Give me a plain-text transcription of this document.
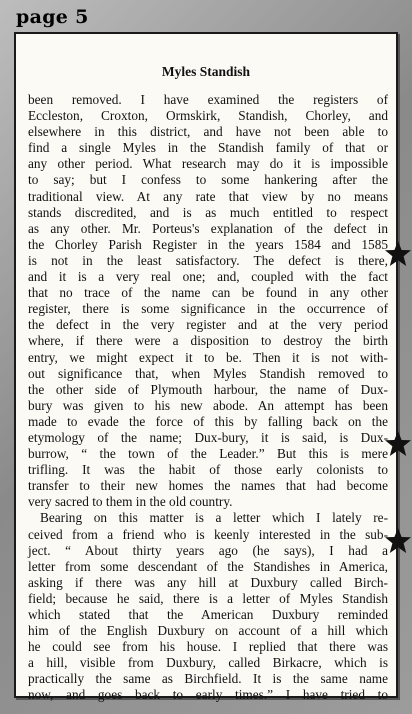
page 5
Myles Standish
been removed. I have examined the registers of
Eccleston, Croxton, Ormskirk, Standish, Chorley, and
elsewhere in this district, and have not been able to
find a single Myles in the Standish family of that or
any other period. What research may do it is impossible
to say; but I confess to some hankering after the
traditional view. At any rate that view by no means
stands discredited, and is as much entitled to respect
as any other. Mr. Porteus's explanation of the defect in
the Chorley Parish Register in the years 1584 and 1585
is not in the least satisfactory. The defect is there,
and it is a very real one; and, coupled with the fact
that no trace of the name can be found in any other
register, there is some significance in the occurrence of
the defect in the very register and at the very period
where, if there were a disposition to destroy the birth
entry, we might expect it to be. Then it is not with-
out significance that, when Myles Standish removed to
the other side of Plymouth harbour, the name of Dux-
bury was given to his new abode. An attempt has been
made to evade the force of this by falling back on the
etymology of the name; Dux-bury, it is said, is Dux-
burrow, “ the town of the Leader.” But this is mere
trifling. It was the habit of those early colonists to
transfer to their new homes the names that had become
very sacred to them in the old country.
Bearing on this matter is a letter which I lately re-
ceived from a friend who is keenly interested in the sub-
ject. “ About thirty years ago (he says), I had a
letter from some descendant of the Standishes in America,
asking if there was any hill at Duxbury called Birch-
field; because he said, there is a letter of Myles Standish
which stated that the American Duxbury reminded
him of the English Duxbury on account of a hill which
he could see from his house. I replied that there was
a hill, visible from Duxbury, called Birkacre, which is
practically the same as Birchfield. It is the same name
now, and goes back to early times.” I have tried to
